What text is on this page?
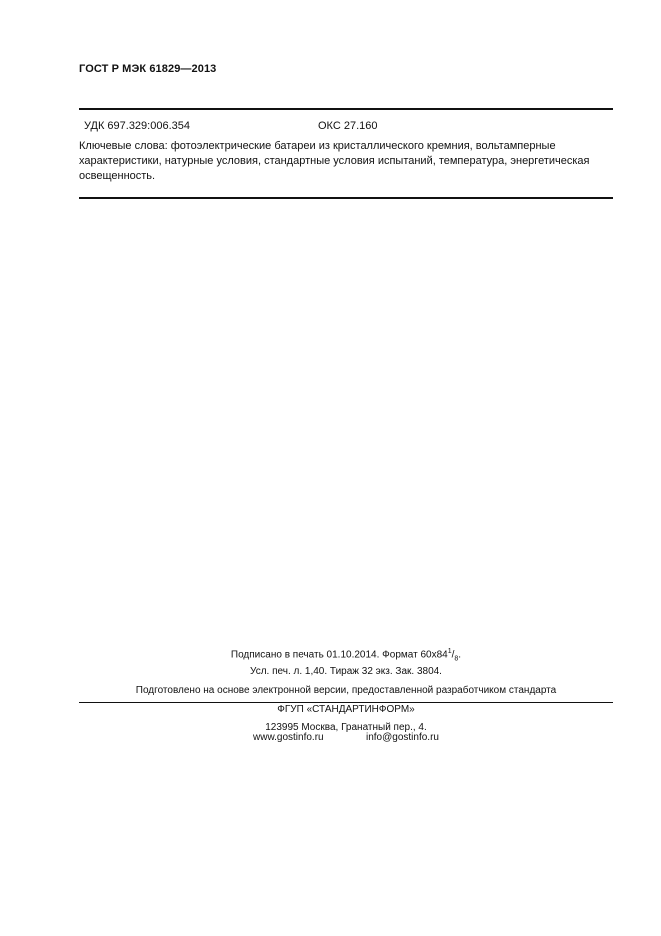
ГОСТ Р МЭК 61829—2013
УДК 697.329:006.354	ОКС 27.160
Ключевые слова: фотоэлектрические батареи из кристаллического кремния, вольтамперные характеристики, натурные условия, стандартные условия испытаний, температура, энергетическая освещенность.
Подписано в печать 01.10.2014. Формат $60x84^1/_8$.
Усл. печ. л. 1,40. Тираж 32 экз. Зак. 3804.
Подготовлено на основе электронной версии, предоставленной разработчиком стандарта
ФГУП «СТАНДАРТИНФОРМ»
123995 Москва, Гранатный пер., 4.
www.gostinfo.ru	info@gostinfo.ru
